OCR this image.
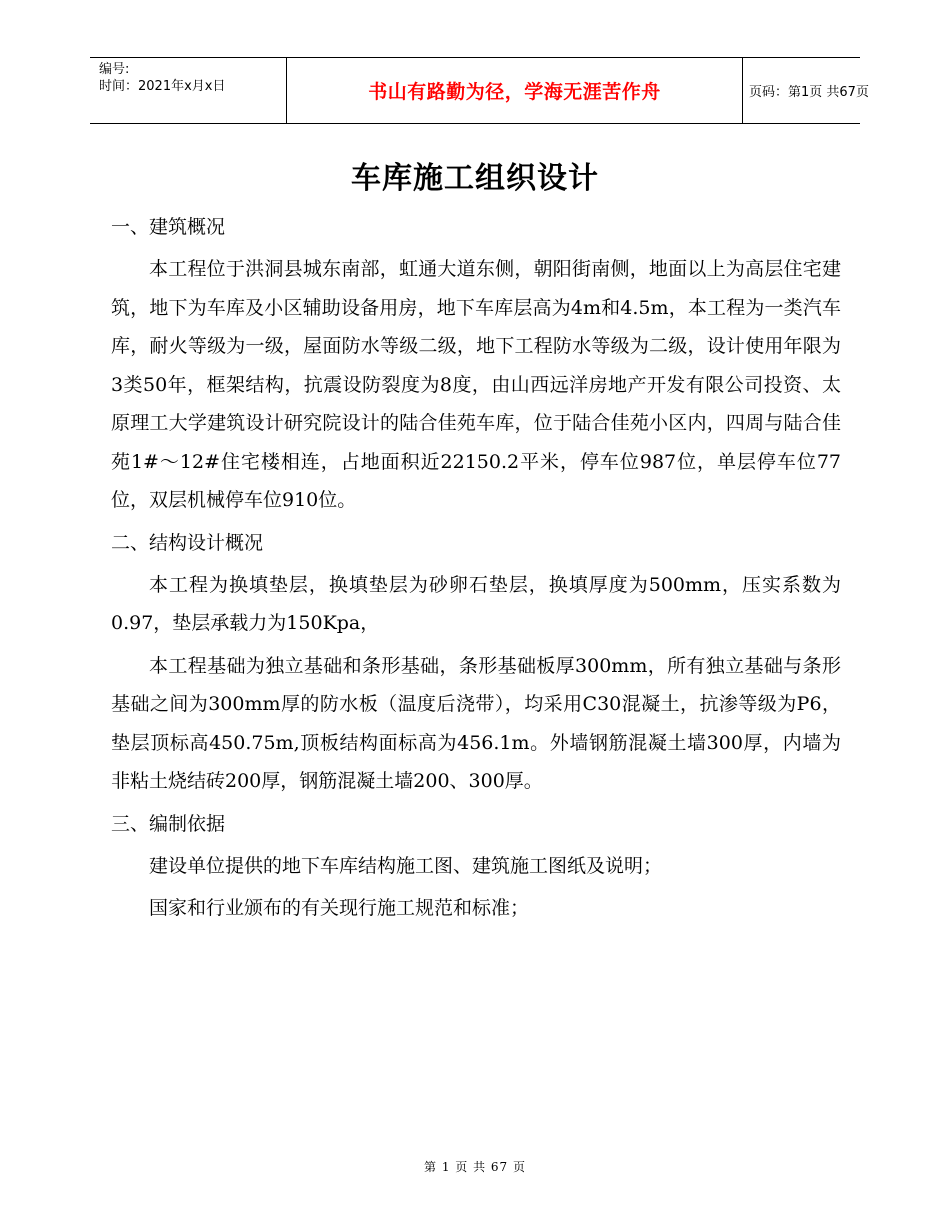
编号:
时间：2021年x月x日	书山有路勤为径，学海无涯苦作舟	页码：第1页 共67页
车库施工组织设计
一、建筑概况

本工程位于洪洞县城东南部，虹通大道东侧，朝阳街南侧，地面以上为高层住宅建筑，地下为车库及小区辅助设备用房，地下车库层高为4m和4.5m，本工程为一类汽车库，耐火等级为一级，屋面防水等级二级，地下工程防水等级为二级，设计使用年限为3类50年，框架结构，抗震设防裂度为8度，由山西远洋房地产开发有限公司投资、太原理工大学建筑设计研究院设计的陆合佳苑车库，位于陆合佳苑小区内，四周与陆合佳苑1#～12#住宅楼相连，占地面积近22150.2平米，停车位987位，单层停车位77位，双层机械停车位910位。

二、结构设计概况

本工程为换填垫层，换填垫层为砂卵石垫层，换填厚度为500mm，压实系数为0.97，垫层承载力为150Kpa，

本工程基础为独立基础和条形基础，条形基础板厚300mm，所有独立基础与条形基础之间为300mm厚的防水板（温度后浇带），均采用C30混凝土，抗渗等级为P6，垫层顶标高450.75m,顶板结构面标高为456.1m。外墙钢筋混凝土墙300厚，内墙为非粘土烧结砖200厚，钢筋混凝土墙200、300厚。

三、编制依据

建设单位提供的地下车库结构施工图、建筑施工图纸及说明；

国家和行业颁布的有关现行施工规范和标准；

第 1 页 共 67 页
